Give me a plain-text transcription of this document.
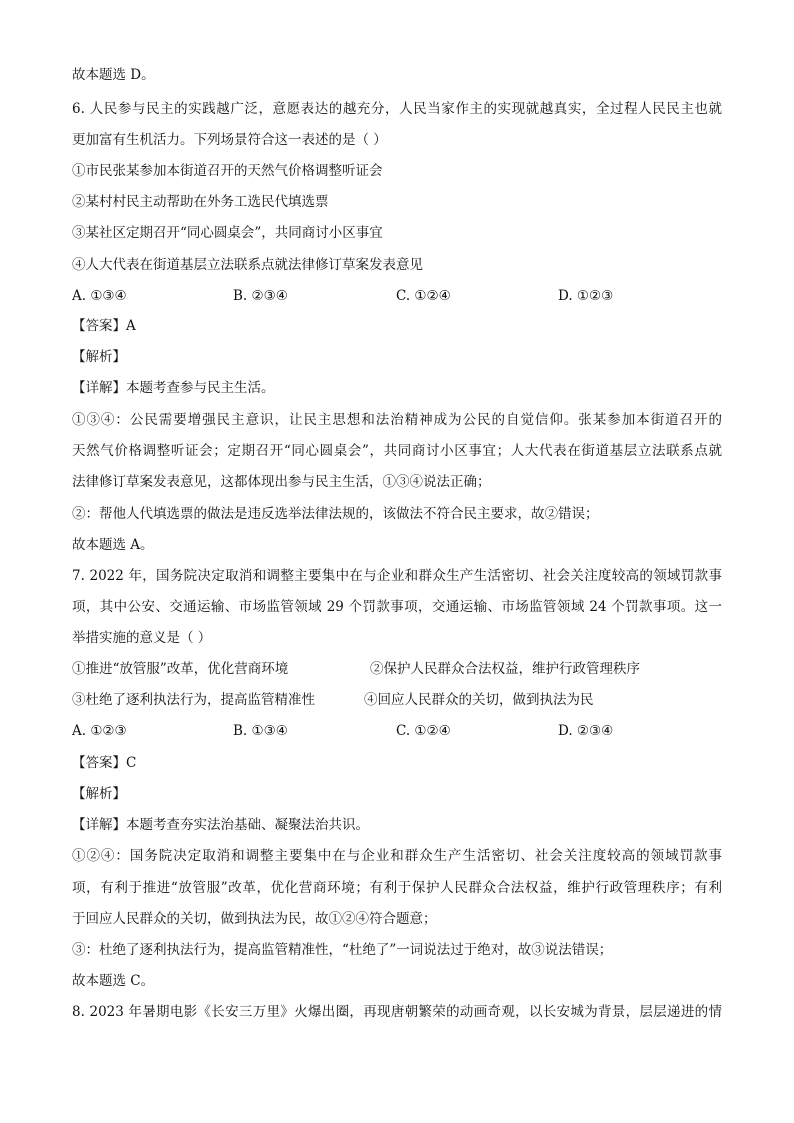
故本题选 D。
6. 人民参与民主的实践越广泛，意愿表达的越充分，人民当家作主的实现就越真实，全过程人民民主也就
更加富有生机活力。下列场景符合这一表述的是（ ）
①市民张某参加本街道召开的天然气价格调整听证会
②某村村民主动帮助在外务工选民代填选票
③某社区定期召开“同心圆桌会”，共同商讨小区事宜
④人大代表在街道基层立法联系点就法律修订草案发表意见
A. ①③④	B. ②③④	C. ①②④	D. ①②③
【答案】A
【解析】
【详解】本题考查参与民主生活。
①③④：公民需要增强民主意识，让民主思想和法治精神成为公民的自觉信仰。张某参加本街道召开的
天然气价格调整听证会；定期召开“同心圆桌会”，共同商讨小区事宜；人大代表在街道基层立法联系点就
法律修订草案发表意见，这都体现出参与民主生活，①③④说法正确；
②：帮他人代填选票的做法是违反选举法律法规的，该做法不符合民主要求，故②错误；
故本题选 A。
7. 2022 年，国务院决定取消和调整主要集中在与企业和群众生产生活密切、社会关注度较高的领域罚款事
项，其中公安、交通运输、市场监管领域 29 个罚款事项，交通运输、市场监管领域 24 个罚款事项。这一
举措实施的意义是（ ）
①推进“放管服”改革，优化营商环境	②保护人民群众合法权益，维护行政管理秩序
③杜绝了逐利执法行为，提高监管精准性	④回应人民群众的关切，做到执法为民
A. ①②③	B. ①③④	C. ①②④	D. ②③④
【答案】C
【解析】
【详解】本题考查夯实法治基础、凝聚法治共识。
①②④：国务院决定取消和调整主要集中在与企业和群众生产生活密切、社会关注度较高的领域罚款事
项，有利于推进“放管服”改革，优化营商环境；有利于保护人民群众合法权益，维护行政管理秩序；有利
于回应人民群众的关切，做到执法为民，故①②④符合题意；
③：杜绝了逐利执法行为，提高监管精准性，“杜绝了”一词说法过于绝对，故③说法错误；
故本题选 C。
8. 2023 年暑期电影《长安三万里》火爆出圈，再现唐朝繁荣的动画奇观，以长安城为背景，层层递进的情
